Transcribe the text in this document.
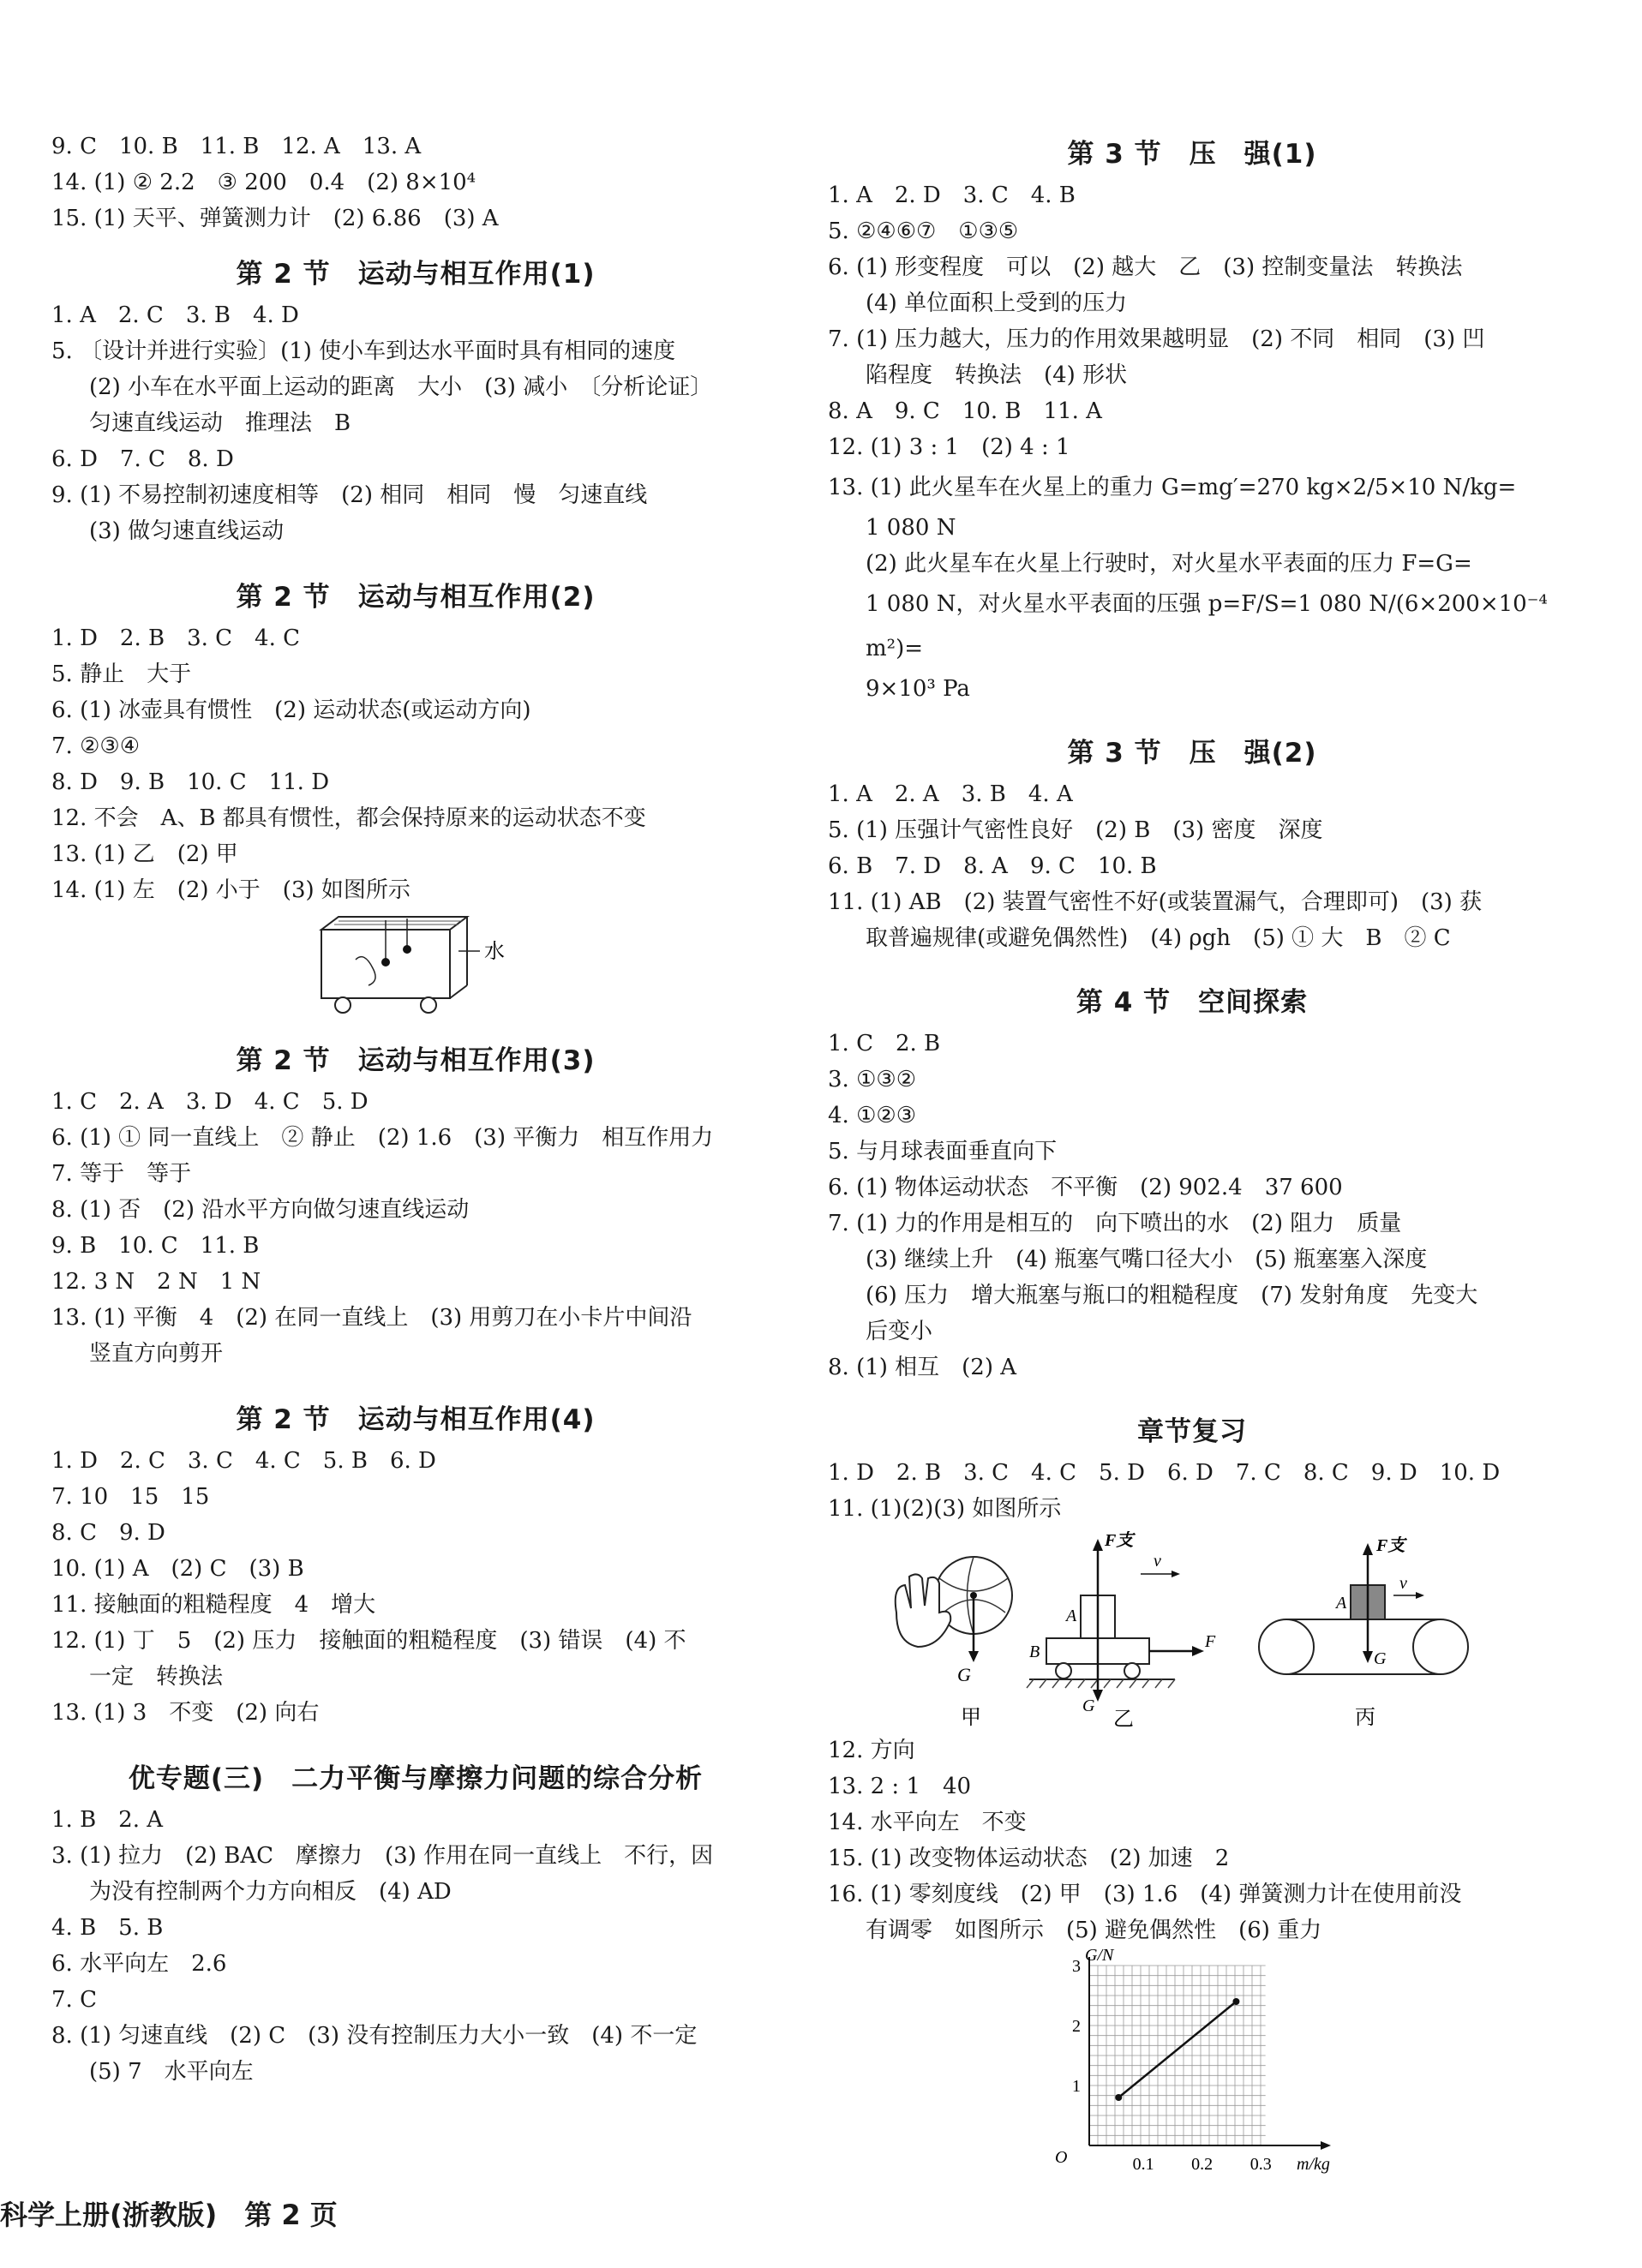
9. C　10. B　11. B　12. A　13. A
14. (1) ② 2.2　③ 200　0.4　(2) 8×10⁴
15. (1) 天平、弹簧测力计　(2) 6.86　(3) A
第 2 节　运动与相互作用(1)
1. A　2. C　3. B　4. D
5. 〔设计并进行实验〕(1) 使小车到达水平面时具有相同的速度
(2) 小车在水平面上运动的距离　大小　(3) 减小　〔分析论证〕
匀速直线运动　推理法　B
6. D　7. C　8. D
9. (1) 不易控制初速度相等　(2) 相同　相同　慢　匀速直线
(3) 做匀速直线运动
第 2 节　运动与相互作用(2)
1. D　2. B　3. C　4. C
5. 静止　大于
6. (1) 冰壶具有惯性　(2) 运动状态(或运动方向)
7. ②③④
8. D　9. B　10. C　11. D
12. 不会　A、B 都具有惯性，都会保持原来的运动状态不变
13. (1) 乙　(2) 甲
14. (1) 左　(2) 小于　(3) 如图所示
水
第 2 节　运动与相互作用(3)
1. C　2. A　3. D　4. C　5. D
6. (1) ① 同一直线上　② 静止　(2) 1.6　(3) 平衡力　相互作用力
7. 等于　等于
8. (1) 否　(2) 沿水平方向做匀速直线运动
9. B　10. C　11. B
12. 3 N　2 N　1 N
13. (1) 平衡　4　(2) 在同一直线上　(3) 用剪刀在小卡片中间沿
竖直方向剪开
第 2 节　运动与相互作用(4)
1. D　2. C　3. C　4. C　5. B　6. D
7. 10　15　15
8. C　9. D
10. (1) A　(2) C　(3) B
11. 接触面的粗糙程度　4　增大
12. (1) 丁　5　(2) 压力　接触面的粗糙程度　(3) 错误　(4) 不
一定　转换法
13. (1) 3　不变　(2) 向右
优专题(三)　二力平衡与摩擦力问题的综合分析
1. B　2. A
3. (1) 拉力　(2) BAC　摩擦力　(3) 作用在同一直线上　不行，因
为没有控制两个力方向相反　(4) AD
4. B　5. B
6. 水平向左　2.6
7. C
8. (1) 匀速直线　(2) C　(3) 没有控制压力大小一致　(4) 不一定
(5) 7　水平向左
第 3 节　压　强(1)
1. A　2. D　3. C　4. B
5. ②④⑥⑦　①③⑤
6. (1) 形变程度　可以　(2) 越大　乙　(3) 控制变量法　转换法
(4) 单位面积上受到的压力
7. (1) 压力越大，压力的作用效果越明显　(2) 不同　相同　(3) 凹
陷程度　转换法　(4) 形状
8. A　9. C　10. B　11. A
12. (1) 3 : 1　(2) 4 : 1
13. (1) 此火星车在火星上的重力 G=mg′=270 kg×2/5×10 N/kg=
1 080 N
(2) 此火星车在火星上行驶时，对火星水平表面的压力 F=G=
1 080 N，对火星水平表面的压强 p=F/S=1 080 N/(6×200×10⁻⁴ m²)=
9×10³ Pa
第 3 节　压　强(2)
1. A　2. A　3. B　4. A
5. (1) 压强计气密性良好　(2) B　(3) 密度　深度
6. B　7. D　8. A　9. C　10. B
11. (1) AB　(2) 装置气密性不好(或装置漏气，合理即可)　(3) 获
取普遍规律(或避免偶然性)　(4) ρgh　(5) ① 大　B　② C
第 4 节　空间探索
1. C　2. B
3. ①③②
4. ①②③
5. 与月球表面垂直向下
6. (1) 物体运动状态　不平衡　(2) 902.4　37 600
7. (1) 力的作用是相互的　向下喷出的水　(2) 阻力　质量
(3) 继续上升　(4) 瓶塞气嘴口径大小　(5) 瓶塞塞入深度
(6) 压力　增大瓶塞与瓶口的粗糙程度　(7) 发射角度　先变大
后变小
8. (1) 相互　(2) A
章节复习
1. D　2. B　3. C　4. C　5. D　6. D　7. C　8. C　9. D　10. D
11. (1)(2)(3) 如图所示
G
甲
F支
v
A
B
F
G
乙
F支
v
A
G
丙
12. 方向
13. 2 : 1　40
14. 水平向左　不变
15. (1) 改变物体运动状态　(2) 加速　2
16. (1) 零刻度线　(2) 甲　(3) 1.6　(4) 弹簧测力计在使用前没
有调零　如图所示　(5) 避免偶然性　(6) 重力
0.1 0.2 0.3
1
2
3
O	m/kg
G/N
科学上册(浙教版)　第 2 页
